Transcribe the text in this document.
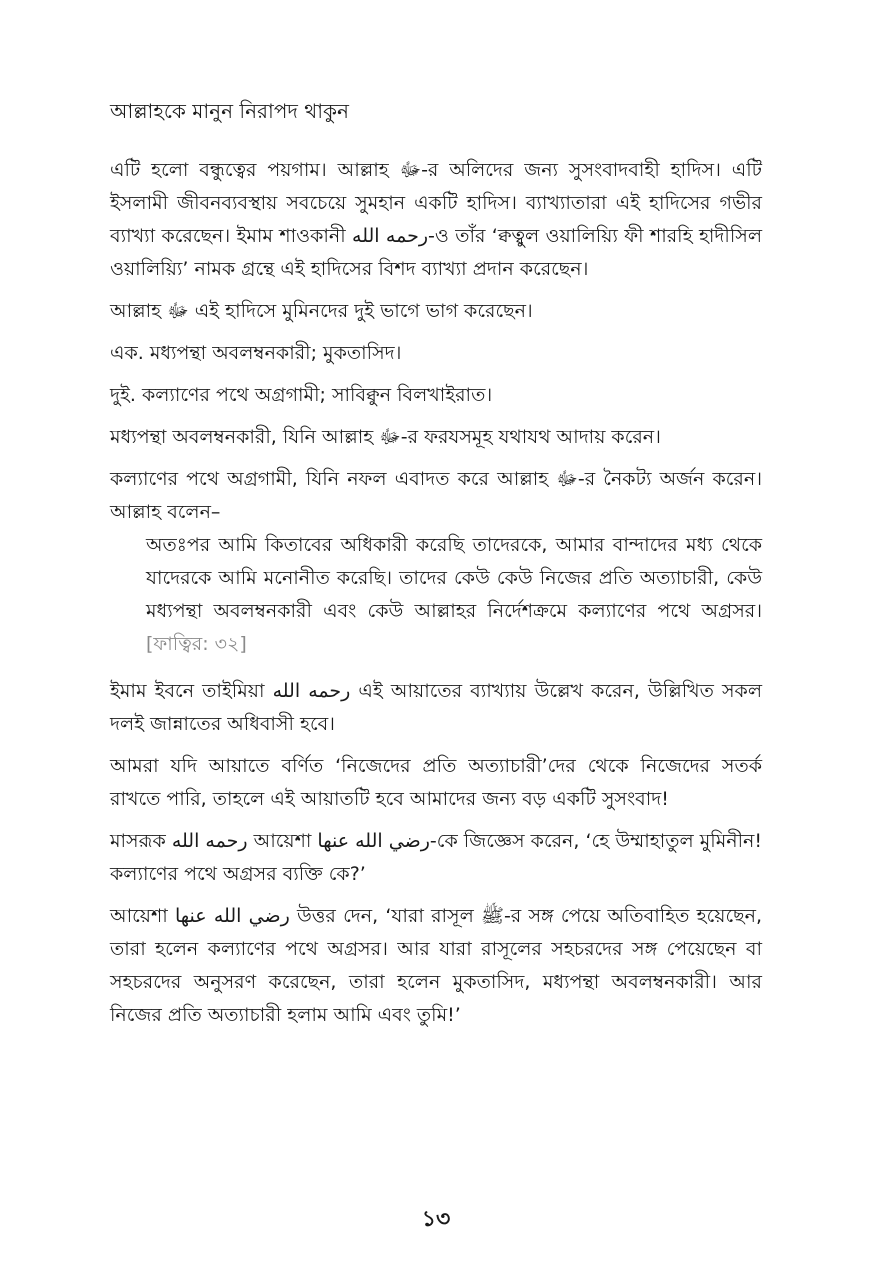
আল্লাহকে মানুন নিরাপদ থাকুন

এটি হলো বন্ধুত্বের পয়গাম। আল্লাহ ﷻ-র অলিদের জন্য সুসংবাদবাহী হাদিস। এটি ইসলামী জীবনব্যবস্থায় সবচেয়ে সুমহান একটি হাদিস। ব্যাখ্যাতারা এই হাদিসের গভীর ব্যাখ্যা করেছেন। ইমাম শাওকানী رحمه الله-ও তাঁর ‘ক্বত্বুল ওয়ালিয়্যি ফী শারহি হাদীসিল ওয়ালিয়্যি’ নামক গ্রন্থে এই হাদিসের বিশদ ব্যাখ্যা প্রদান করেছেন।

আল্লাহ ﷻ এই হাদিসে মুমিনদের দুই ভাগে ভাগ করেছেন।

এক. মধ্যপন্থা অবলম্বনকারী; মুকতাসিদ।

দুই. কল্যাণের পথে অগ্রগামী; সাবিক্বুন বিলখাইরাত।

মধ্যপন্থা অবলম্বনকারী, যিনি আল্লাহ ﷻ-র ফরযসমূহ যথাযথ আদায় করেন।

কল্যাণের পথে অগ্রগামী, যিনি নফল এবাদত করে আল্লাহ ﷻ-র নৈকট্য অর্জন করেন। আল্লাহ বলেন–

অতঃপর আমি কিতাবের অধিকারী করেছি তাদেরকে, আমার বান্দাদের মধ্য থেকে যাদেরকে আমি মনোনীত করেছি। তাদের কেউ কেউ নিজের প্রতি অত্যাচারী, কেউ মধ্যপন্থা অবলম্বনকারী এবং কেউ আল্লাহর নির্দেশক্রমে কল্যাণের পথে অগ্রসর। [ফাত্বির: ৩২]

ইমাম ইবনে তাইমিয়া رحمه الله এই আয়াতের ব্যাখ্যায় উল্লেখ করেন, উল্লিখিত সকল দলই জান্নাতের অধিবাসী হবে।

আমরা যদি আয়াতে বর্ণিত ‘নিজেদের প্রতি অত্যাচারী’দের থেকে নিজেদের সতর্ক রাখতে পারি, তাহলে এই আয়াতটি হবে আমাদের জন্য বড় একটি সুসংবাদ!

মাসরূক رحمه الله আয়েশা رضي الله عنها-কে জিজ্ঞেস করেন, ‘হে উম্মাহাতুল মুমিনীন! কল্যাণের পথে অগ্রসর ব্যক্তি কে?’

আয়েশা رضي الله عنها উত্তর দেন, ‘যারা রাসূল ﷺ-র সঙ্গ পেয়ে অতিবাহিত হয়েছেন, তারা হলেন কল্যাণের পথে অগ্রসর। আর যারা রাসূলের সহচরদের সঙ্গ পেয়েছেন বা সহচরদের অনুসরণ করেছেন, তারা হলেন মুকতাসিদ, মধ্যপন্থা অবলম্বনকারী। আর নিজের প্রতি অত্যাচারী হলাম আমি এবং তুমি!’

১৩
